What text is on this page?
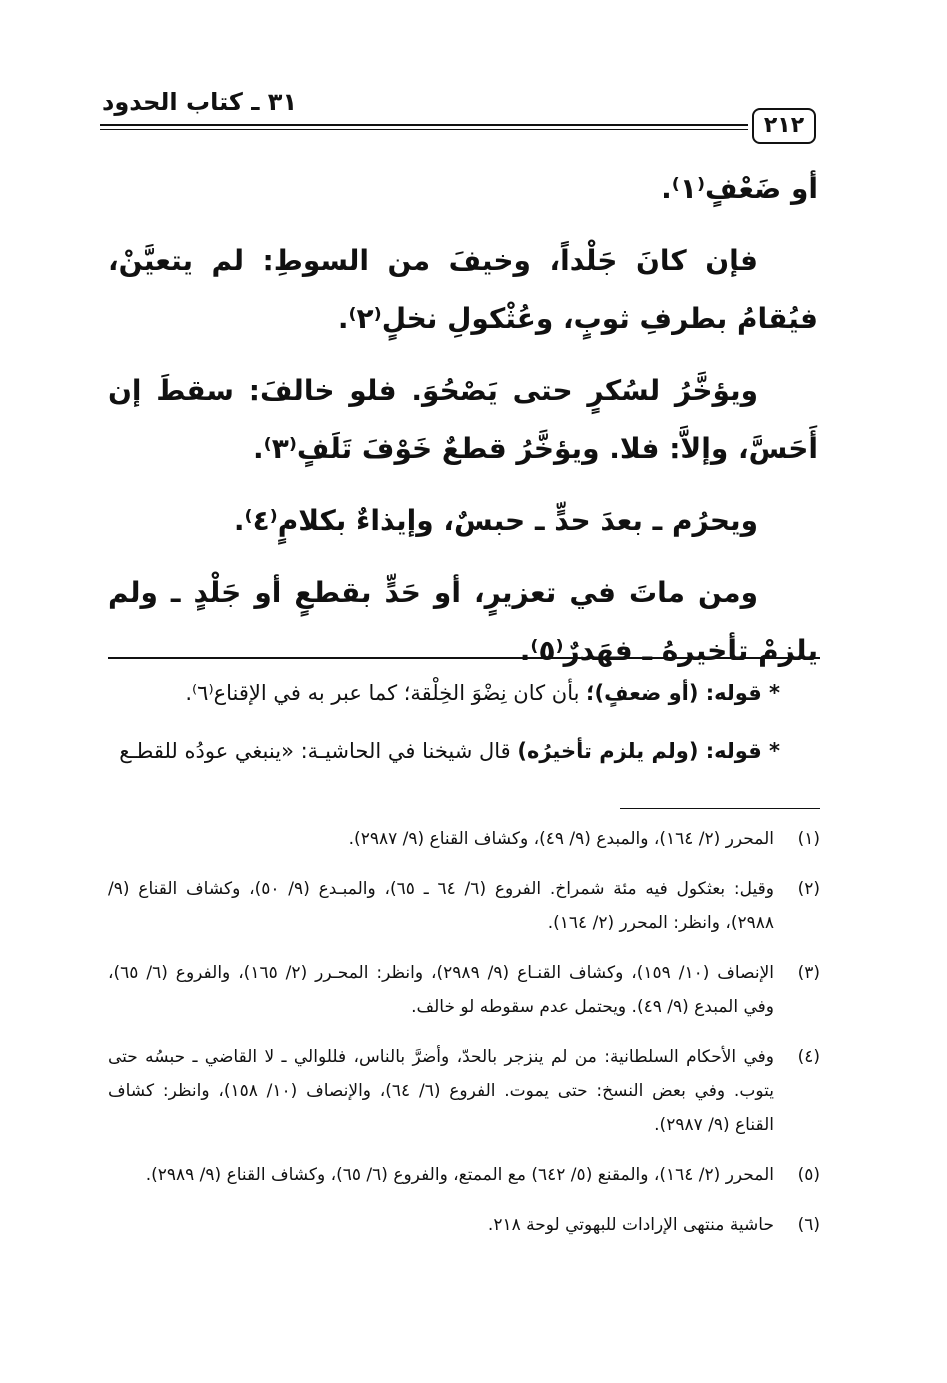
٣١ ـ كتاب الحدود
٢١٢

أو ضَعْفٍ⁽١⁾.

فإن كانَ جَلْداً، وخيفَ من السوطِ: لم يتعيَّنْ، فيُقامُ بطرفِ ثوبٍ، وعُثْكولِ نخلٍ⁽٢⁾.

ويؤخَّرُ لسُكرٍ حتى يَصْحُوَ. فلو خالفَ: سقطَ إن أَحَسَّ، وإلاَّ: فلا. ويؤخَّرُ قطعٌ خَوْفَ تَلَفٍ⁽٣⁾.

ويحرُم ـ بعدَ حدٍّ ـ حبسٌ، وإيذاءٌ بكلامٍ⁽٤⁾.

ومن ماتَ في تعزيرٍ، أو حَدٍّ بقطعٍ أو جَلْدٍ ـ ولم يلزمْ تأخيرهُ ـ فهَدرٌ⁽٥⁾.

* قوله: (أو ضعفٍ)؛ بأن كان نِضْوَ الخِلْقة؛ كما عبر به في الإقناع⁽٦⁾.

* قوله: (ولم يلزم تأخيرُه) قال شيخنا في الحاشيـة: «ينبغي عودُه للقطـع

(١)
المحرر (٢/ ١٦٤)، والمبدع (٩/ ٤٩)، وكشاف القناع (٩/ ٢٩٨٧).
(٢)
وقيل: بعثكول فيه مئة شمراخ. الفروع (٦/ ٦٤ ـ ٦٥)، والمبـدع (٩/ ٥٠)، وكشاف القناع (٩/ ٢٩٨٨)، وانظر: المحرر (٢/ ١٦٤).
(٣)
الإنصاف (١٠/ ١٥٩)، وكشاف القنـاع (٩/ ٢٩٨٩)، وانظر: المحـرر (٢/ ١٦٥)، والفروع (٦/ ٦٥)، وفي المبدع (٩/ ٤٩). ويحتمل عدم سقوطه لو خالف.
(٤)
وفي الأحكام السلطانية: من لم ينزجر بالحدّ، وأضرَّ بالناس، فللوالي ـ لا القاضي ـ حبسُه حتى يتوب. وفي بعض النسخ: حتى يموت. الفروع (٦/ ٦٤)، والإنصاف (١٠/ ١٥٨)، وانظر: كشاف القناع (٩/ ٢٩٨٧).
(٥)
المحرر (٢/ ١٦٤)، والمقنع (٥/ ٦٤٢) مع الممتع، والفروع (٦/ ٦٥)، وكشاف القناع (٩/ ٢٩٨٩).
(٦)
حاشية منتهى الإرادات للبهوتي لوحة ٢١٨.
